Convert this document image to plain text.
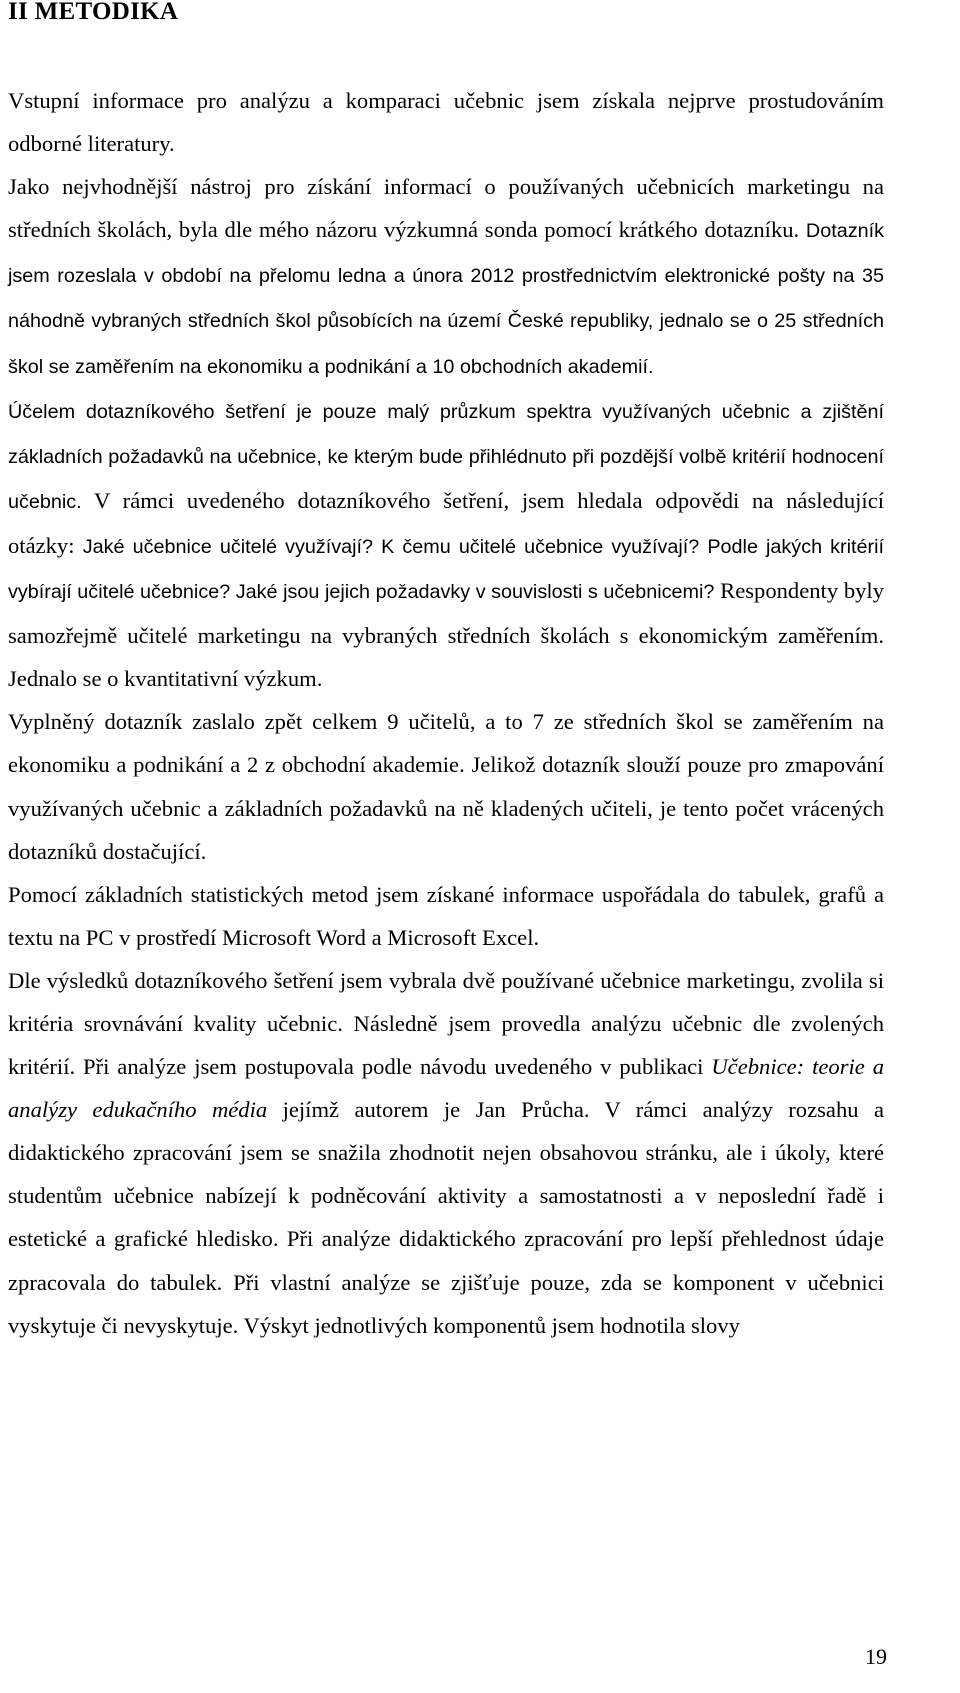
II METODIKA

Vstupní informace pro analýzu a komparaci učebnic jsem získala nejprve prostudováním odborné literatury.

Jako nejvhodnější nástroj pro získání informací o používaných učebnicích marketingu na středních školách, byla dle mého názoru výzkumná sonda pomocí krátkého dotazníku. Dotazník jsem rozeslala v období na přelomu ledna a února 2012 prostřednictvím elektronické pošty na 35 náhodně vybraných středních škol působících na území České republiky, jednalo se o 25 středních škol se zaměřením na ekonomiku a podnikání a 10 obchodních akademií.

Účelem dotazníkového šetření je pouze malý průzkum spektra využívaných učebnic a zjištění základních požadavků na učebnice, ke kterým bude přihlédnuto při pozdější volbě kritérií hodnocení učebnic. V rámci uvedeného dotazníkového šetření, jsem hledala odpovědi na následující otázky: Jaké učebnice učitelé využívají? K čemu učitelé učebnice využívají? Podle jakých kritérií vybírají učitelé učebnice? Jaké jsou jejich požadavky v souvislosti s učebnicemi? Respondenty byly samozřejmě učitelé marketingu na vybraných středních školách s ekonomickým zaměřením. Jednalo se o kvantitativní výzkum.

Vyplněný dotazník zaslalo zpět celkem 9 učitelů, a to 7 ze středních škol se zaměřením na ekonomiku a podnikání a 2 z obchodní akademie. Jelikož dotazník slouží pouze pro zmapování využívaných učebnic a základních požadavků na ně kladených učiteli, je tento počet vrácených dotazníků dostačující.

Pomocí základních statistických metod jsem získané informace uspořádala do tabulek, grafů a textu na PC v prostředí Microsoft Word a Microsoft Excel.

Dle výsledků dotazníkového šetření jsem vybrala dvě používané učebnice marketingu, zvolila si kritéria srovnávání kvality učebnic. Následně jsem provedla analýzu učebnic dle zvolených kritérií. Při analýze jsem postupovala podle návodu uvedeného v publikaci Učebnice: teorie a analýzy edukačního média jejímž autorem je Jan Průcha. V rámci analýzy rozsahu a didaktického zpracování jsem se snažila zhodnotit nejen obsahovou stránku, ale i úkoly, které studentům učebnice nabízejí k podněcování aktivity a samostatnosti a v neposlední řadě i estetické a grafické hledisko. Při analýze didaktického zpracování pro lepší přehlednost údaje zpracovala do tabulek. Při vlastní analýze se zjišťuje pouze, zda se komponent v učebnici vyskytuje či nevyskytuje. Výskyt jednotlivých komponentů jsem hodnotila slovy

19
